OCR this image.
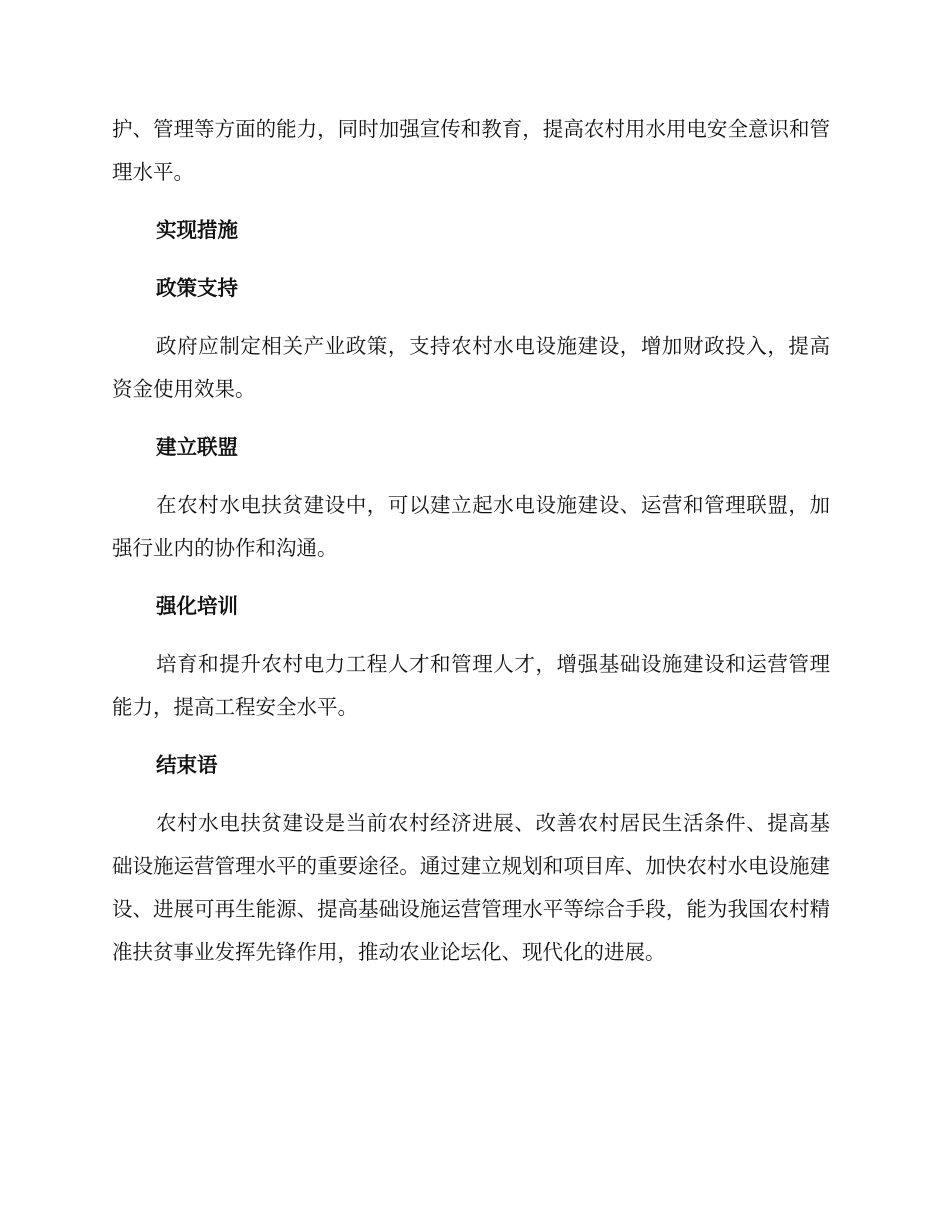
护、管理等方面的能力，同时加强宣传和教育，提高农村用水用电安全意识和管理水平。

实现措施
政策支持

政府应制定相关产业政策，支持农村水电设施建设，增加财政投入，提高资金使用效果。

建立联盟

在农村水电扶贫建设中，可以建立起水电设施建设、运营和管理联盟，加强行业内的协作和沟通。

强化培训

培育和提升农村电力工程人才和管理人才，增强基础设施建设和运营管理能力，提高工程安全水平。

结束语

农村水电扶贫建设是当前农村经济进展、改善农村居民生活条件、提高基础设施运营管理水平的重要途径。通过建立规划和项目库、加快农村水电设施建设、进展可再生能源、提高基础设施运营管理水平等综合手段，能为我国农村精准扶贫事业发挥先锋作用，推动农业论坛化、现代化的进展。
